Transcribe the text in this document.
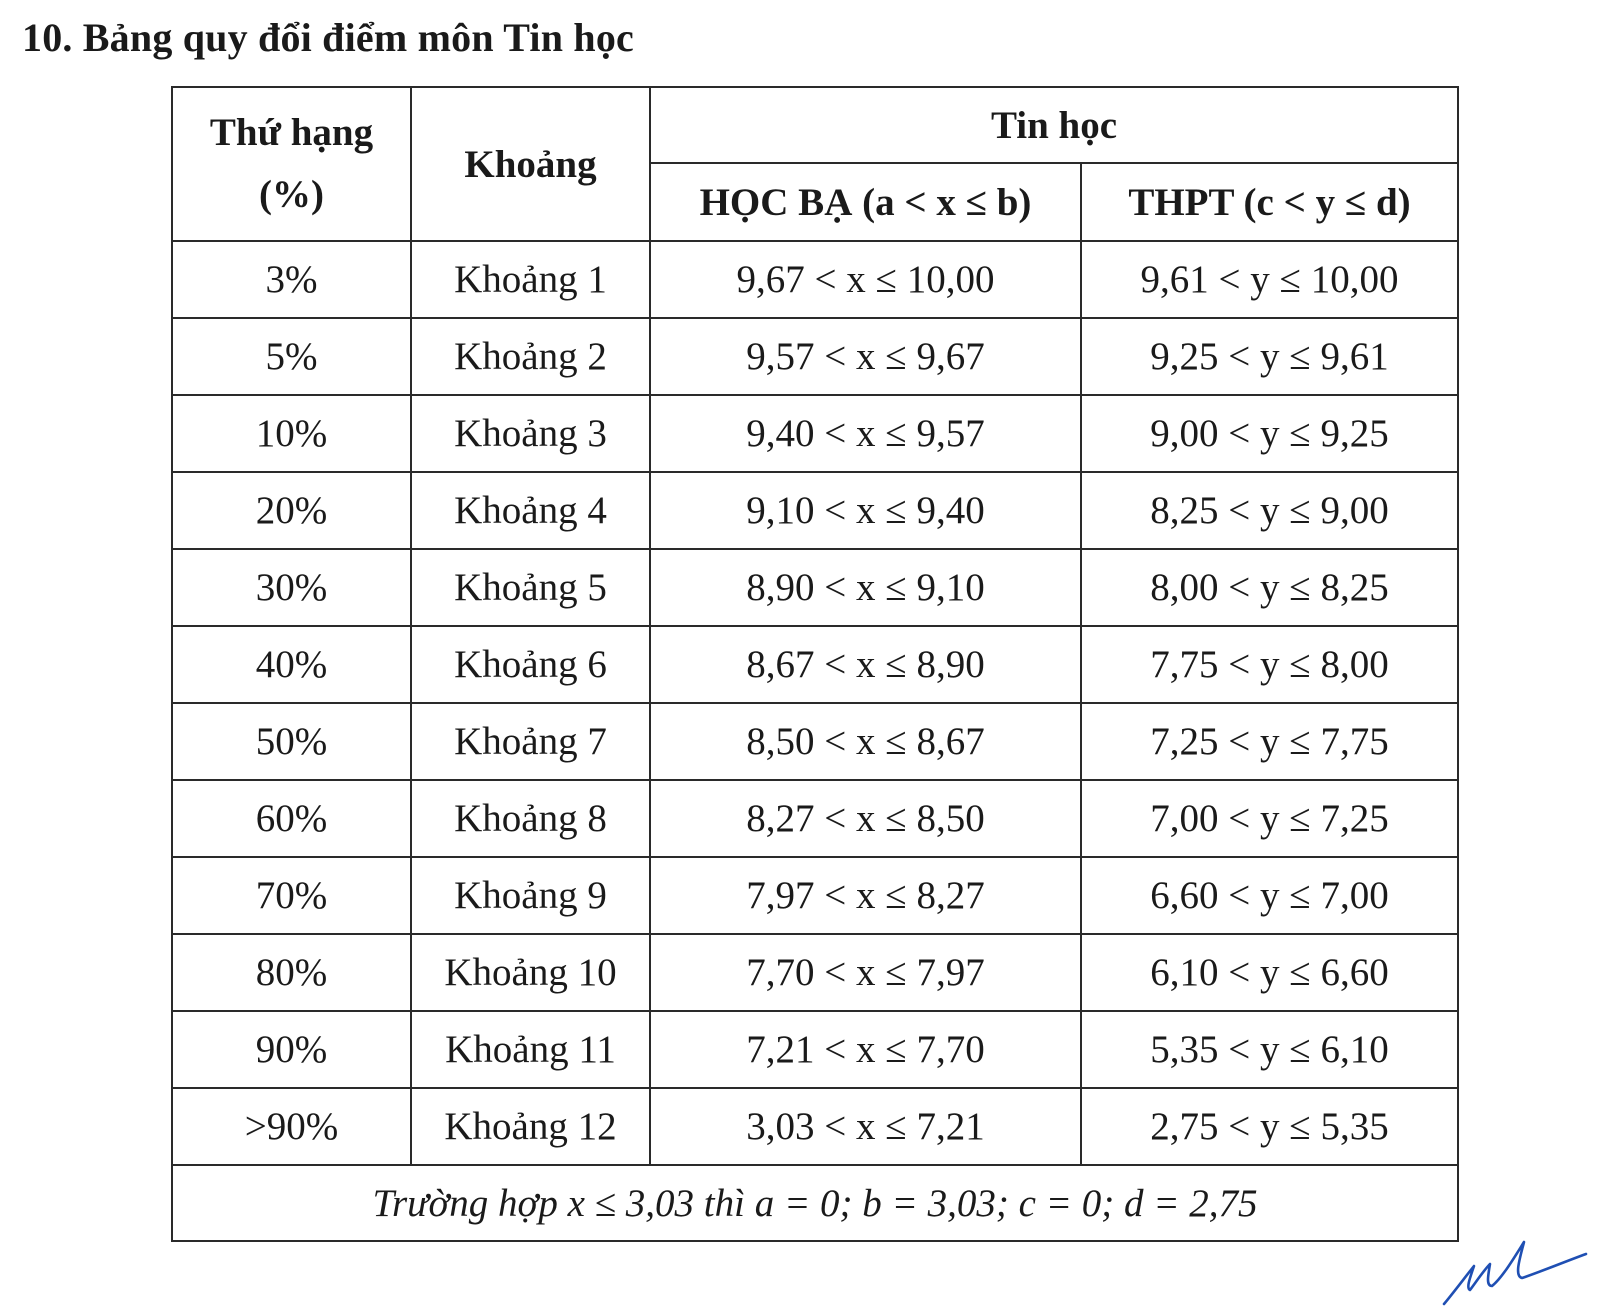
10. Bảng quy đổi điểm môn Tin học
Thứ hạng
(%)	Khoảng	Tin học	
		HỌC BẠ (a < x ≤ b)	THPT (c < y ≤ d)
3%	Khoảng 1	9,67 < x ≤ 10,00	9,61 < y ≤ 10,00
5%	Khoảng 2	9,57 < x ≤ 9,67	9,25 < y ≤ 9,61
10%	Khoảng 3	9,40 < x ≤ 9,57	9,00 < y ≤ 9,25
20%	Khoảng 4	9,10 < x ≤ 9,40	8,25 < y ≤ 9,00
30%	Khoảng 5	8,90 < x ≤ 9,10	8,00 < y ≤ 8,25
40%	Khoảng 6	8,67 < x ≤ 8,90	7,75 < y ≤ 8,00
50%	Khoảng 7	8,50 < x ≤ 8,67	7,25 < y ≤ 7,75
60%	Khoảng 8	8,27 < x ≤ 8,50	7,00 < y ≤ 7,25
70%	Khoảng 9	7,97 < x ≤ 8,27	6,60 < y ≤ 7,00
80%	Khoảng 10	7,70 < x ≤ 7,97	6,10 < y ≤ 6,60
90%	Khoảng 11	7,21 < x ≤ 7,70	5,35 < y ≤ 6,10
>90%	Khoảng 12	3,03 < x ≤ 7,21	2,75 < y ≤ 5,35
Trường hợp x ≤ 3,03 thì a = 0; b = 3,03; c = 0; d = 2,75			
